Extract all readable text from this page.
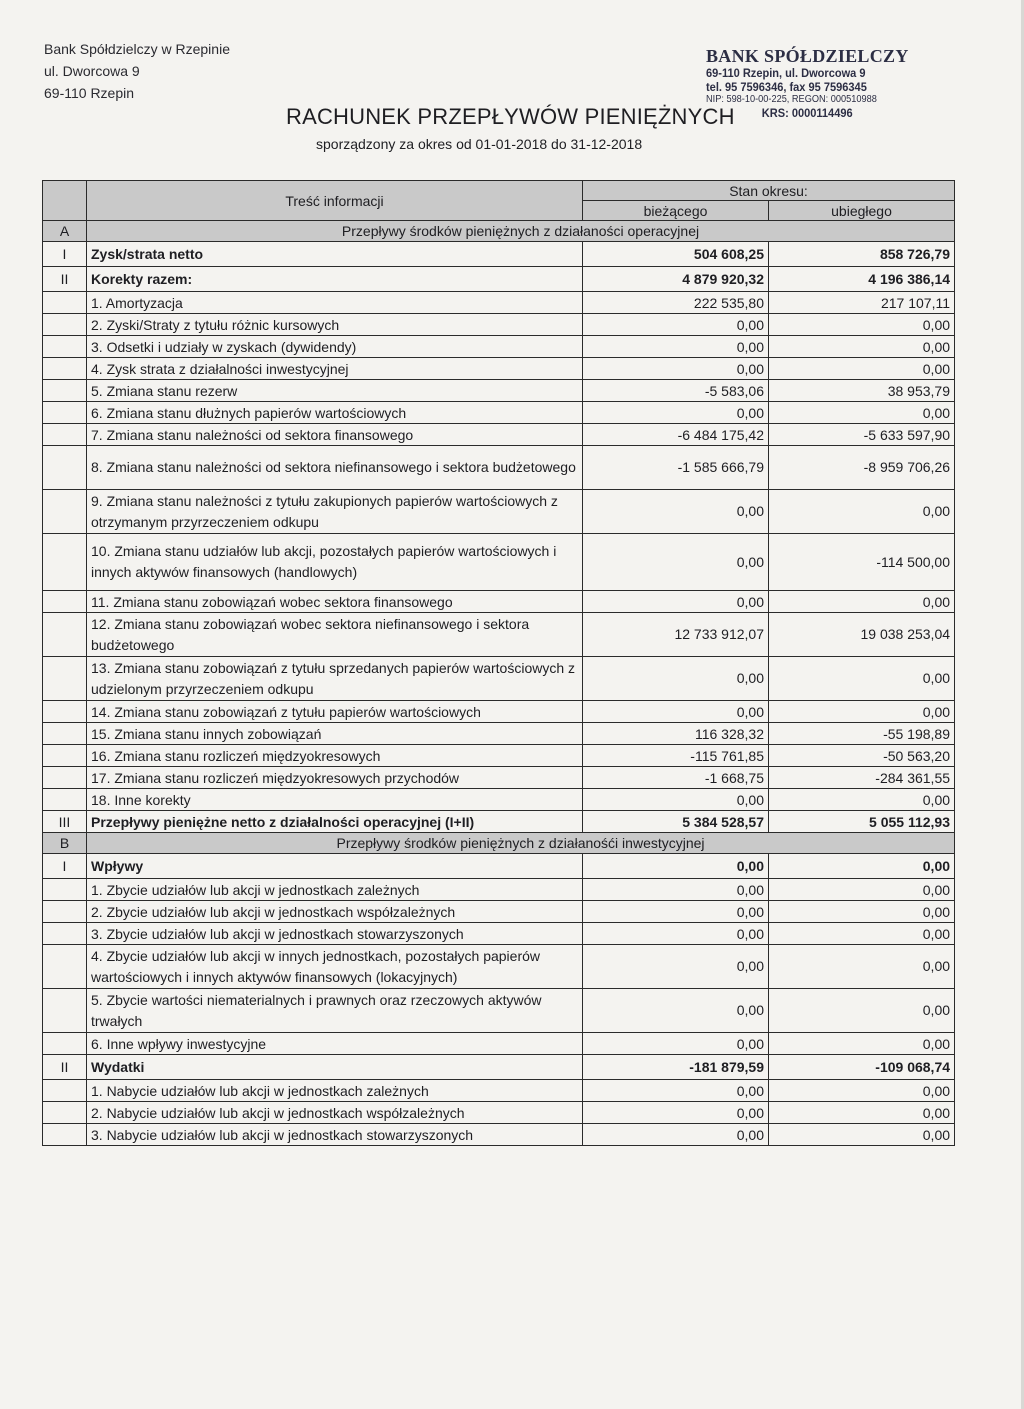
Bank Spółdzielczy w Rzepinie
ul. Dworcowa 9
69-110 Rzepin
BANK SPÓŁDZIELCZY
69-110 Rzepin, ul. Dworcowa 9
tel. 95 7596346, fax 95 7596345
NIP: 598-10-00-225, REGON: 000510988
KRS: 0000114496
RACHUNEK PRZEPŁYWÓW PIENIĘŻNYCH
sporządzony za okres od 01-01-2018 do 31-12-2018
	Treść informacji	Stan okresu:	
		bieżącego	ubiegłego
A	Przepływy środków pieniężnych z działaności operacyjnej		
I	Zysk/strata netto	504 608,25	858 726,79
II	Korekty razem:	4 879 920,32	4 196 386,14
	1. Amortyzacja	222 535,80	217 107,11
	2. Zyski/Straty z tytułu różnic kursowych	0,00	0,00
	3. Odsetki i udziały w zyskach (dywidendy)	0,00	0,00
	4. Zysk strata z działalności inwestycyjnej	0,00	0,00
	5. Zmiana stanu rezerw	-5 583,06	38 953,79
	6. Zmiana stanu dłużnych papierów wartościowych	0,00	0,00
	7. Zmiana stanu należności od sektora finansowego	-6 484 175,42	-5 633 597,90
	8. Zmiana stanu należności od sektora niefinansowego i sektora budżetowego	-1 585 666,79	-8 959 706,26
	9. Zmiana stanu należności z tytułu zakupionych papierów wartościowych z otrzymanym przyrzeczeniem odkupu	0,00	0,00
	10. Zmiana stanu udziałów lub akcji, pozostałych papierów wartościowych i innych aktywów finansowych (handlowych)	0,00	-114 500,00
	11. Zmiana stanu zobowiązań wobec sektora finansowego	0,00	0,00
	12. Zmiana stanu zobowiązań wobec sektora niefinansowego i sektora budżetowego	12 733 912,07	19 038 253,04
	13. Zmiana stanu zobowiązań z tytułu sprzedanych papierów wartościowych z udzielonym przyrzeczeniem odkupu	0,00	0,00
	14. Zmiana stanu zobowiązań z tytułu papierów wartościowych	0,00	0,00
	15. Zmiana stanu innych zobowiązań	116 328,32	-55 198,89
	16. Zmiana stanu rozliczeń międzyokresowych	-115 761,85	-50 563,20
	17. Zmiana stanu rozliczeń międzyokresowych przychodów	-1 668,75	-284 361,55
	18. Inne korekty	0,00	0,00
III	Przepływy pieniężne netto z działalności operacyjnej (I+II)	5 384 528,57	5 055 112,93
B	Przepływy środków pieniężnych z działanośći inwestycyjnej		
I	Wpływy	0,00	0,00
	1. Zbycie udziałów lub akcji w jednostkach zależnych	0,00	0,00
	2. Zbycie udziałów lub akcji w jednostkach współzależnych	0,00	0,00
	3. Zbycie udziałów lub akcji w jednostkach stowarzyszonych	0,00	0,00
	4. Zbycie udziałów lub akcji w innych jednostkach, pozostałych papierów wartościowych i innych aktywów finansowych (lokacyjnych)	0,00	0,00
	5. Zbycie wartości niematerialnych i prawnych oraz rzeczowych aktywów trwałych	0,00	0,00
	6. Inne wpływy inwestycyjne	0,00	0,00
II	Wydatki	-181 879,59	-109 068,74
	1. Nabycie udziałów lub akcji w jednostkach zależnych	0,00	0,00
	2. Nabycie udziałów lub akcji w jednostkach współzależnych	0,00	0,00
	3. Nabycie udziałów lub akcji w jednostkach stowarzyszonych	0,00	0,00
